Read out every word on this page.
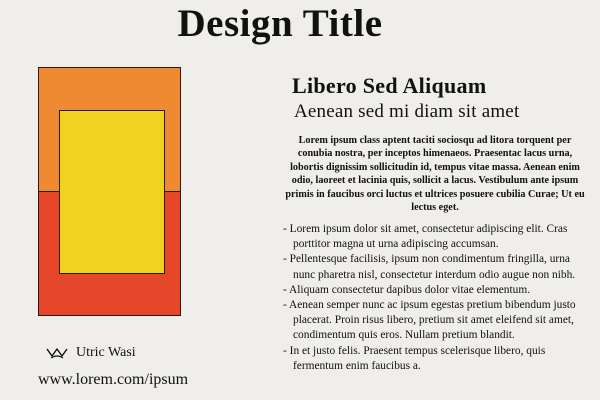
Design Title
Utric Wasi
www.lorem.com/ipsum
Libero Sed Aliquam
Aenean sed mi diam sit amet
Lorem ipsum class aptent taciti sociosqu ad litora torquent per conubia nostra, per inceptos himenaeos. Praesentac lacus urna, lobortis dignissim sollicitudin id, tempus vitae massa. Aenean enim odio, laoreet et lacinia quis, sollicit a lacus. Vestibulum ante ipsum primis in faucibus orci luctus et ultrices posuere cubilia Curae; Ut eu lectus eget.
- Lorem ipsum dolor sit amet, consectetur adipiscing elit. Cras porttitor magna ut urna adipiscing accumsan.
- Pellentesque facilisis, ipsum non condimentum fringilla, urna nunc pharetra nisl, consectetur interdum odio augue non nibh.
- Aliquam consectetur dapibus dolor vitae elementum.
- Aenean semper nunc ac ipsum egestas pretium bibendum justo placerat. Proin risus libero, pretium sit amet eleifend sit amet, condimentum quis eros. Nullam pretium blandit.
- In et justo felis. Praesent tempus scelerisque libero, quis fermentum enim faucibus a.
